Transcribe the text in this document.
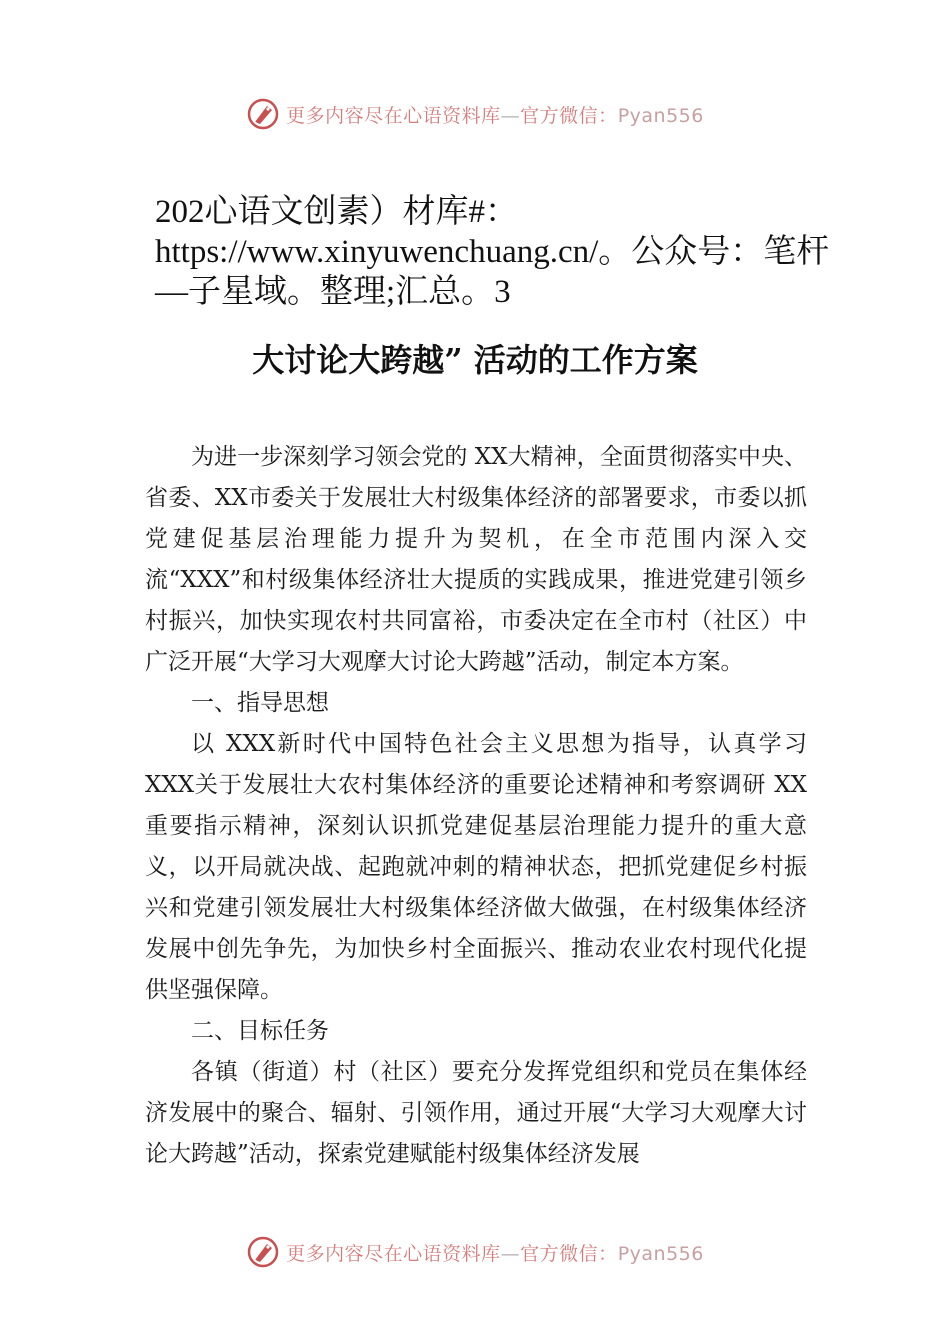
更多内容尽在心语资料库—官方微信：Pyan556
202心语文创素）材库#：https://www.xinyuwenchuang.cn/。公众号：笔杆—子星域。整理;汇总。3
大讨论大跨越” 活动的工作方案

为进一步深刻学习领会党的 XX大精神，全面贯彻落实中央、省委、XX市委关于发展壮大村级集体经济的部署要求，市委以抓党建促基层治理能力提升为契机，在全市范围内深入交流“XXX”和村级集体经济壮大提质的实践成果，推进党建引领乡村振兴，加快实现农村共同富裕，市委决定在全市村（社区）中广泛开展“大学习大观摩大讨论大跨越”活动，制定本方案。

一、指导思想

以 XXX新时代中国特色社会主义思想为指导，认真学习 XXX关于发展壮大农村集体经济的重要论述精神和考察调研 XX重要指示精神，深刻认识抓党建促基层治理能力提升的重大意义，以开局就决战、起跑就冲刺的精神状态，把抓党建促乡村振兴和党建引领发展壮大村级集体经济做大做强，在村级集体经济发展中创先争先，为加快乡村全面振兴、推动农业农村现代化提供坚强保障。

二、目标任务

各镇（街道）村（社区）要充分发挥党组织和党员在集体经济发展中的聚合、辐射、引领作用，通过开展“大学习大观摩大讨论大跨越”活动，探索党建赋能村级集体经济发展

更多内容尽在心语资料库—官方微信：Pyan556
